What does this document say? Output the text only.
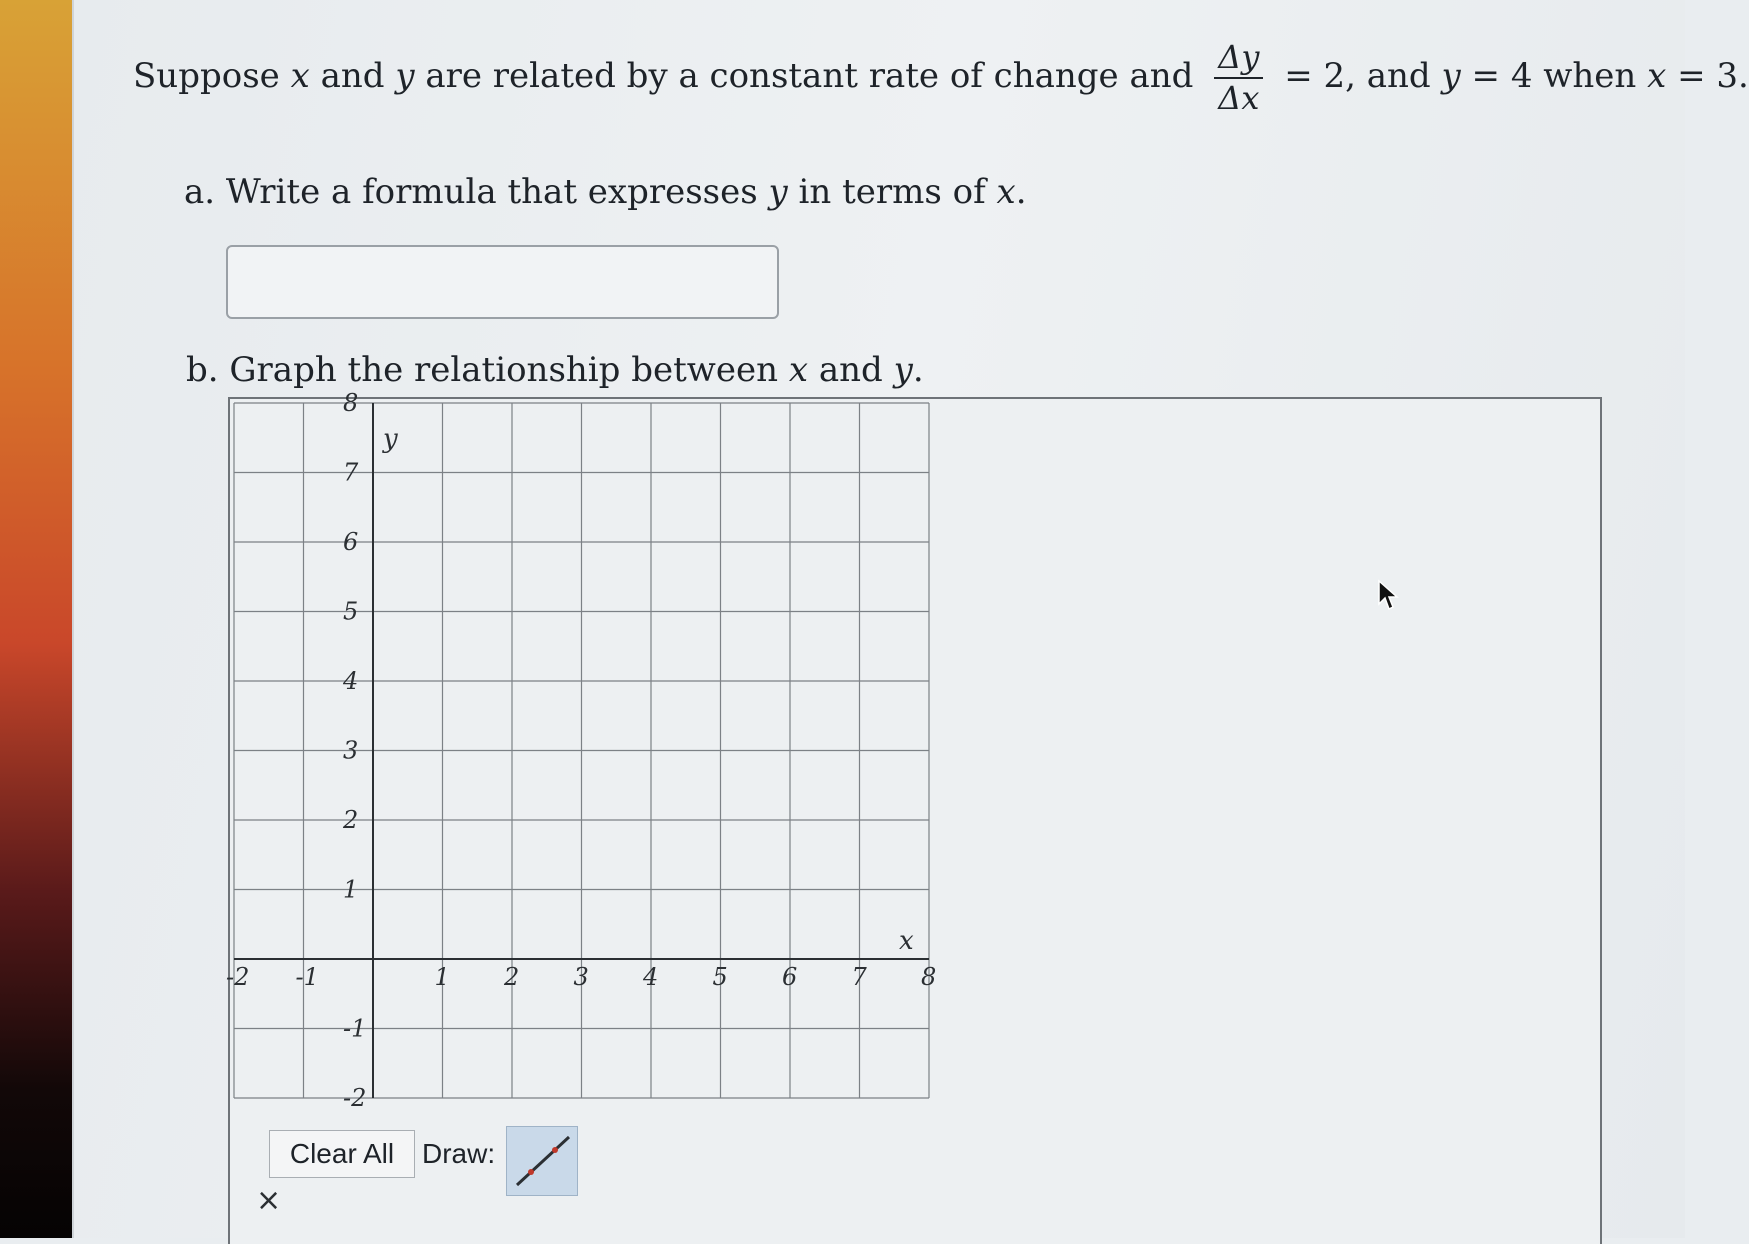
Suppose x and y are related by a constant rate of change and $\frac{\Delta y}{\Delta x} = 2$, and y = 4 when x = 3.
a. Write a formula that expresses y in terms of x.
b. Graph the relationship between x and y.
-2 -1	1 2 3 4 5 6 7 8
-2
-1
1
2
3
4
5
6
7
8
x
y
Clear All Draw:
×
